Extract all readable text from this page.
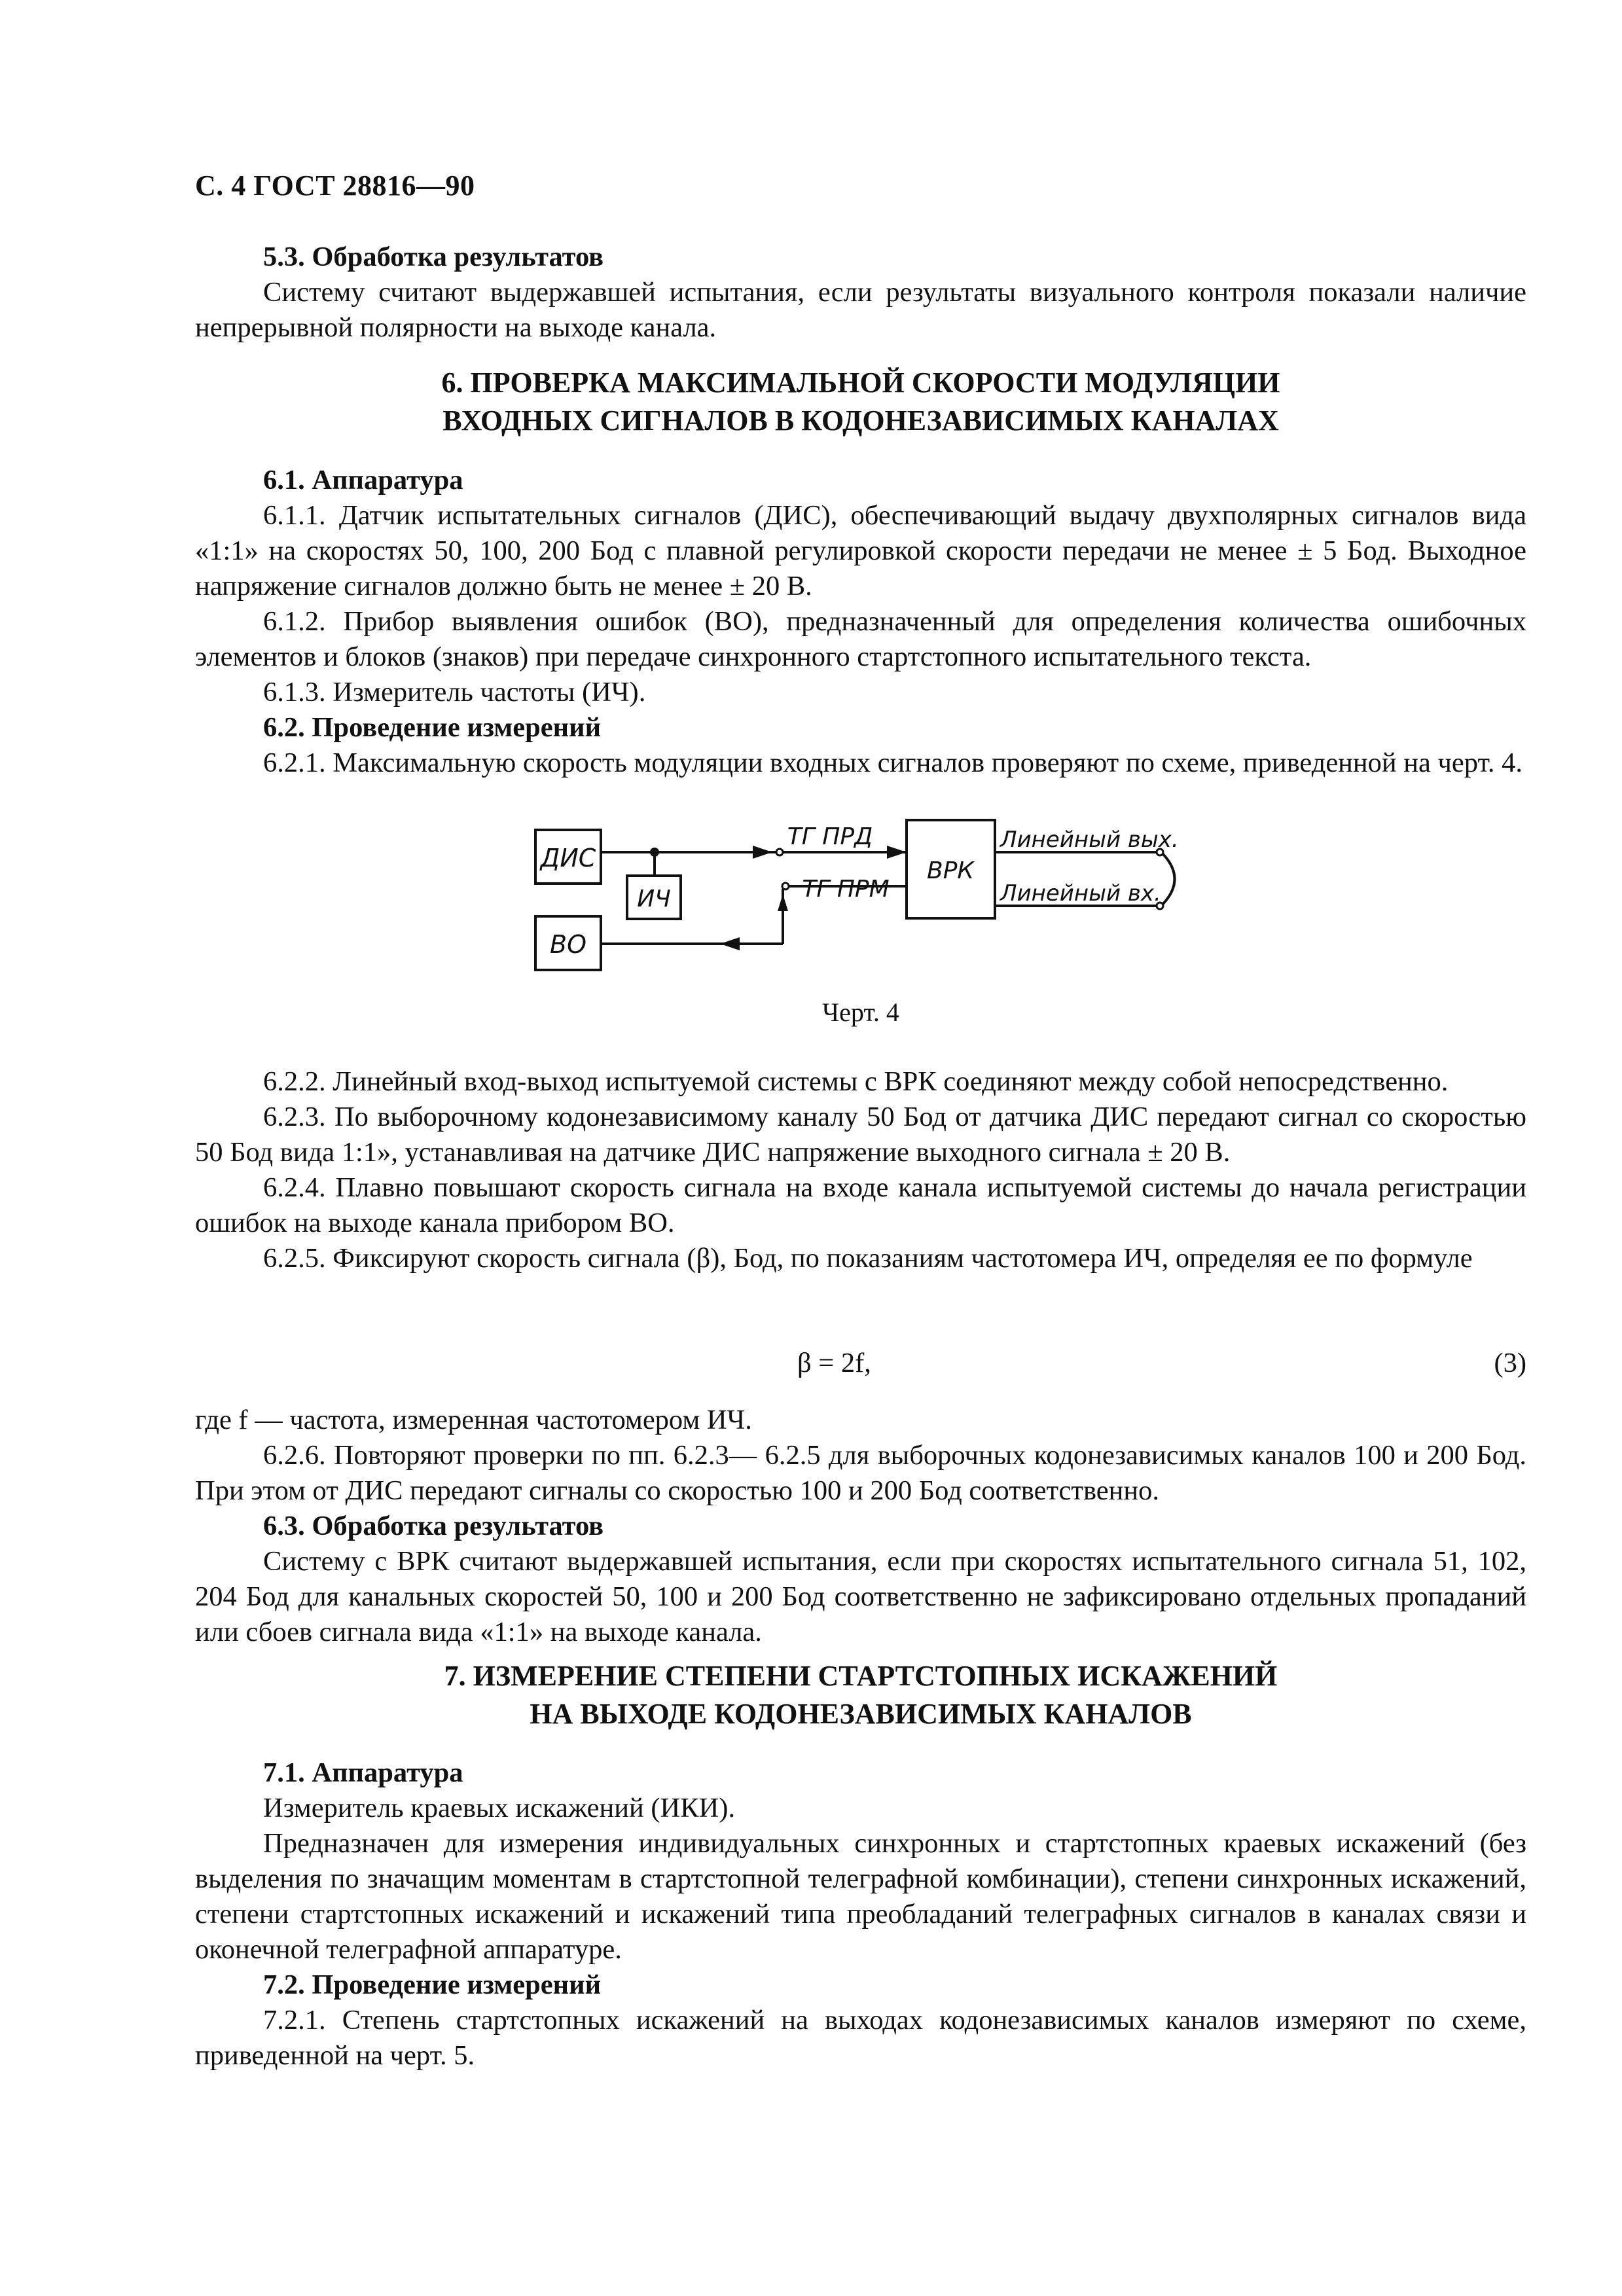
С. 4 ГОСТ 28816—90

5.3. Обработка результатов

Систему считают выдержавшей испытания, если результаты визуального контроля показали наличие непрерывной полярности на выходе канала.

6. ПРОВЕРКА МАКСИМАЛЬНОЙ СКОРОСТИ МОДУЛЯЦИИ
ВХОДНЫХ СИГНАЛОВ В КОДОНЕЗАВИСИМЫХ КАНАЛАХ

6.1. Аппаратура

6.1.1. Датчик испытательных сигналов (ДИС), обеспечивающий выдачу двухполярных сигналов вида «1:1» на скоростях 50, 100, 200 Бод с плавной регулировкой скорости передачи не менее ± 5 Бод. Выходное напряжение сигналов должно быть не менее ± 20 В.

6.1.2. Прибор выявления ошибок (ВО), предназначенный для определения количества ошибочных элементов и блоков (знаков) при передаче синхронного стартстопного испытательного текста.

6.1.3. Измеритель частоты (ИЧ).

6.2. Проведение измерений

6.2.1. Максимальную скорость модуляции входных сигналов проверяют по схеме, приведенной на черт. 4.

ДИС
ИЧ
ВО
ВРК
ТГ ПРД
ТГ ПРМ
Линейный вых.
Линейный вх.
Черт. 4

6.2.2. Линейный вход-выход испытуемой системы с ВРК соединяют между собой непосредственно.

6.2.3. По выборочному кодонезависимому каналу 50 Бод от датчика ДИС передают сигнал со скоростью 50 Бод вида 1:1», устанавливая на датчике ДИС напряжение выходного сигнала ± 20 В.

6.2.4. Плавно повышают скорость сигнала на входе канала испытуемой системы до начала регистрации ошибок на выходе канала прибором ВО.

6.2.5. Фиксируют скорость сигнала (β), Бод, по показаниям частотомера ИЧ, определяя ее по формуле

β = 2f,	(3)

где f — частота, измеренная частотомером ИЧ.

6.2.6. Повторяют проверки по пп. 6.2.3— 6.2.5 для выборочных кодонезависимых каналов 100 и 200 Бод. При этом от ДИС передают сигналы со скоростью 100 и 200 Бод соответственно.

6.3. Обработка результатов

Систему с ВРК считают выдержавшей испытания, если при скоростях испытательного сигнала 51, 102, 204 Бод для канальных скоростей 50, 100 и 200 Бод соответственно не зафиксировано отдельных пропаданий или сбоев сигнала вида «1:1» на выходе канала.

7. ИЗМЕРЕНИЕ СТЕПЕНИ СТАРТСТОПНЫХ ИСКАЖЕНИЙ
НА ВЫХОДЕ КОДОНЕЗАВИСИМЫХ КАНАЛОВ

7.1. Аппаратура

Измеритель краевых искажений (ИКИ).

Предназначен для измерения индивидуальных синхронных и стартстопных краевых искажений (без выделения по значащим моментам в стартстопной телеграфной комбинации), степени синхронных искажений, степени стартстопных искажений и искажений типа преобладаний телеграфных сигналов в каналах связи и оконечной телеграфной аппаратуре.

7.2. Проведение измерений

7.2.1. Степень стартстопных искажений на выходах кодонезависимых каналов измеряют по схеме, приведенной на черт. 5.
